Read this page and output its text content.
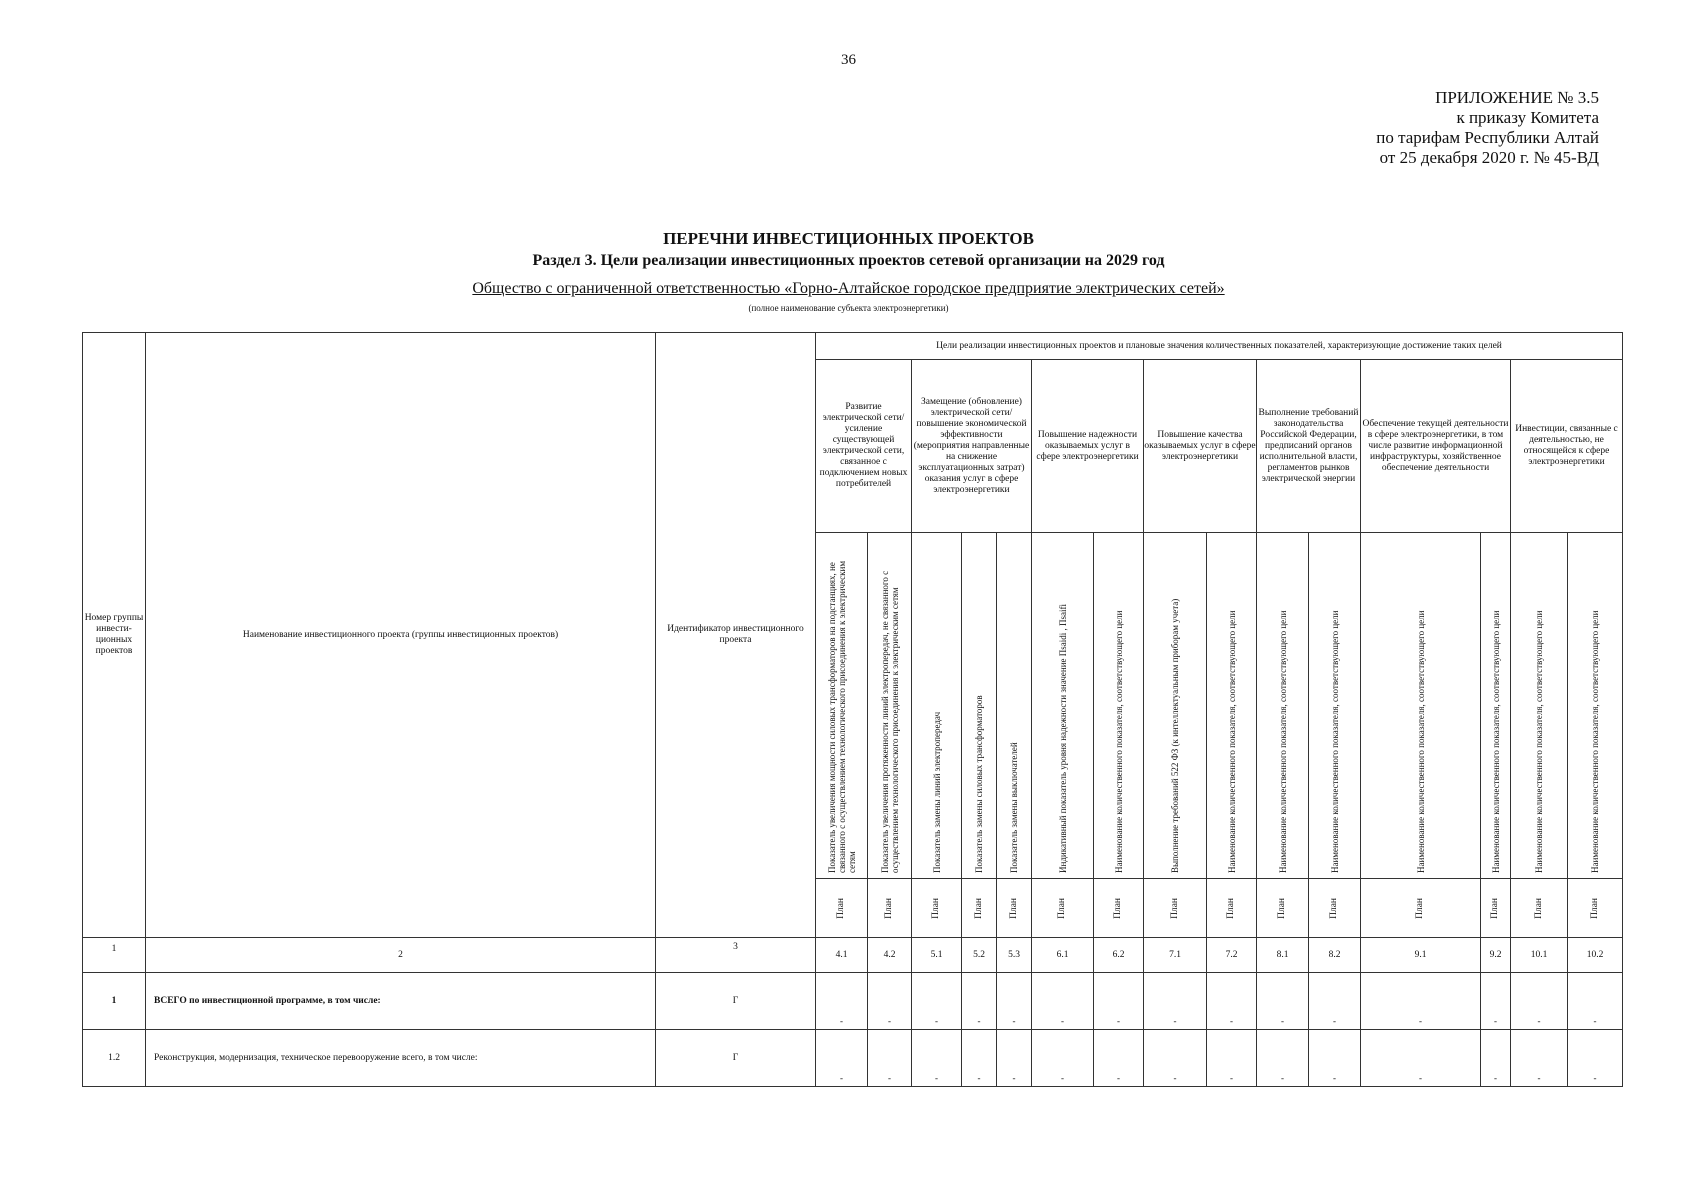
36
ПРИЛОЖЕНИЕ № 3.5
к приказу Комитета
по тарифам Республики Алтай
от 25 декабря 2020 г. № 45-ВД
ПЕРЕЧНИ ИНВЕСТИЦИОННЫХ ПРОЕКТОВ
Раздел 3. Цели реализации инвестиционных проектов сетевой организации на 2029 год
Общество с ограниченной ответственностью «Горно-Алтайское городское предприятие электрических сетей»
(полное наименование субъекта электроэнергетики)
Номер группы инвести-ционных проектов	Наименование инвестиционного проекта (группы инвестиционных проектов)	Идентификатор инвестиционного проекта	Цели реализации инвестиционных проектов и плановые значения количественных показателей, характеризующие достижение таких целей														
			Развитие электрической сети/усиление существующей электрической сети, связанное с подключением новых потребителей		Замещение (обновление) электрической сети/повышение экономической эффективности (мероприятия направленные на снижение эксплуатационных затрат) оказания услуг в сфере электроэнергетики			Повышение надежности оказываемых услуг в сфере электроэнергетики		Повышение качества оказываемых услуг в сфере электроэнергетики		Выполнение требований законодательства Российской Федерации, предписаний органов исполнительной власти, регламентов рынков электрической энергии		Обеспечение текущей деятельности в сфере электроэнергетики, в том числе развитие информационной инфраструктуры, хозяйственное обеспечение деятельности		Инвестиции, связанные с деятельностью, не относящейся к сфере электроэнергетики	

			Показатель увеличения мощности силовых трансформаторов на подстанциях, не связанного с осуществлением технологического присоединения к электрическим сетям	Показатель увеличения протяженности линий электропередач, не связанного с осуществлением технологического присоединения к электрическим сетям	Показатель замены линий электропередач	Показатель замены силовых трансформаторов	Показатель замены выключателей	Индикативный показатель уровня надежности значение Пsaidi , Пsaifi	Наименование количественного показателя, соответствующего цели	Выполнение требований 522 ФЗ (к интеллектуальным приборам учета)	Наименование количественного показателя, соответствующего цели	Наименование количественного показателя, соответствующего цели	Наименование количественного показателя, соответствующего цели	Наименование количественного показателя, соответствующего цели	Наименование количественного показателя, соответствующего цели	Наименование количественного показателя, соответствующего цели	Наименование количественного показателя, соответствующего цели

			План	План	План	План	План	План	План	План	План	План	План	План	План	План	План

1	2	3	4.1	4.2	5.1	5.2	5.3	6.1	6.2	7.1	7.2	8.1	8.2	9.1	9.2	10.1	10.2
1	ВСЕГО по инвестиционной программе, в том числе:	Г	-	-	-	-	-	-	-	-	-	-	-	-	-	-	-
1.2	Реконструкция, модернизация, техническое перевооружение всего, в том числе:	Г	-	-	-	-	-	-	-	-	-	-	-	-	-	-	-
